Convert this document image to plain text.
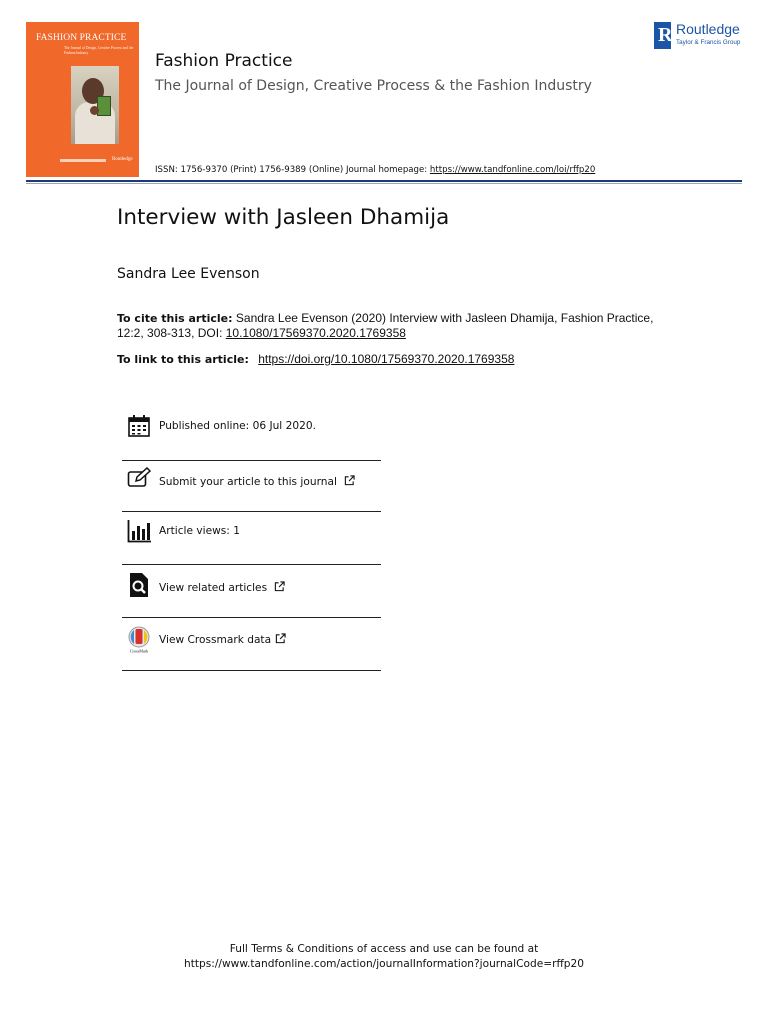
FASHION PRACTICE
The Journal of Design, Creative Process and the Fashion Industry
Routledge
Fashion Practice
The Journal of Design, Creative Process & the Fashion Industry
ISSN: 1756-9370 (Print) 1756-9389 (Online) Journal homepage: https://www.tandfonline.com/loi/rffp20
R Routledge
Taylor & Francis Group
Interview with Jasleen Dhamija
Sandra Lee Evenson
To cite this article: Sandra Lee Evenson (2020) Interview with Jasleen Dhamija, Fashion Practice, 12:2, 308-313, DOI: 10.1080/17569370.2020.1769358
To link to this article: https://doi.org/10.1080/17569370.2020.1769358
Published online: 06 Jul 2020.
Submit your article to this journal
Article views: 1
View related articles
CrossMark
View Crossmark data
Full Terms & Conditions of access and use can be found at
https://www.tandfonline.com/action/journalInformation?journalCode=rffp20
